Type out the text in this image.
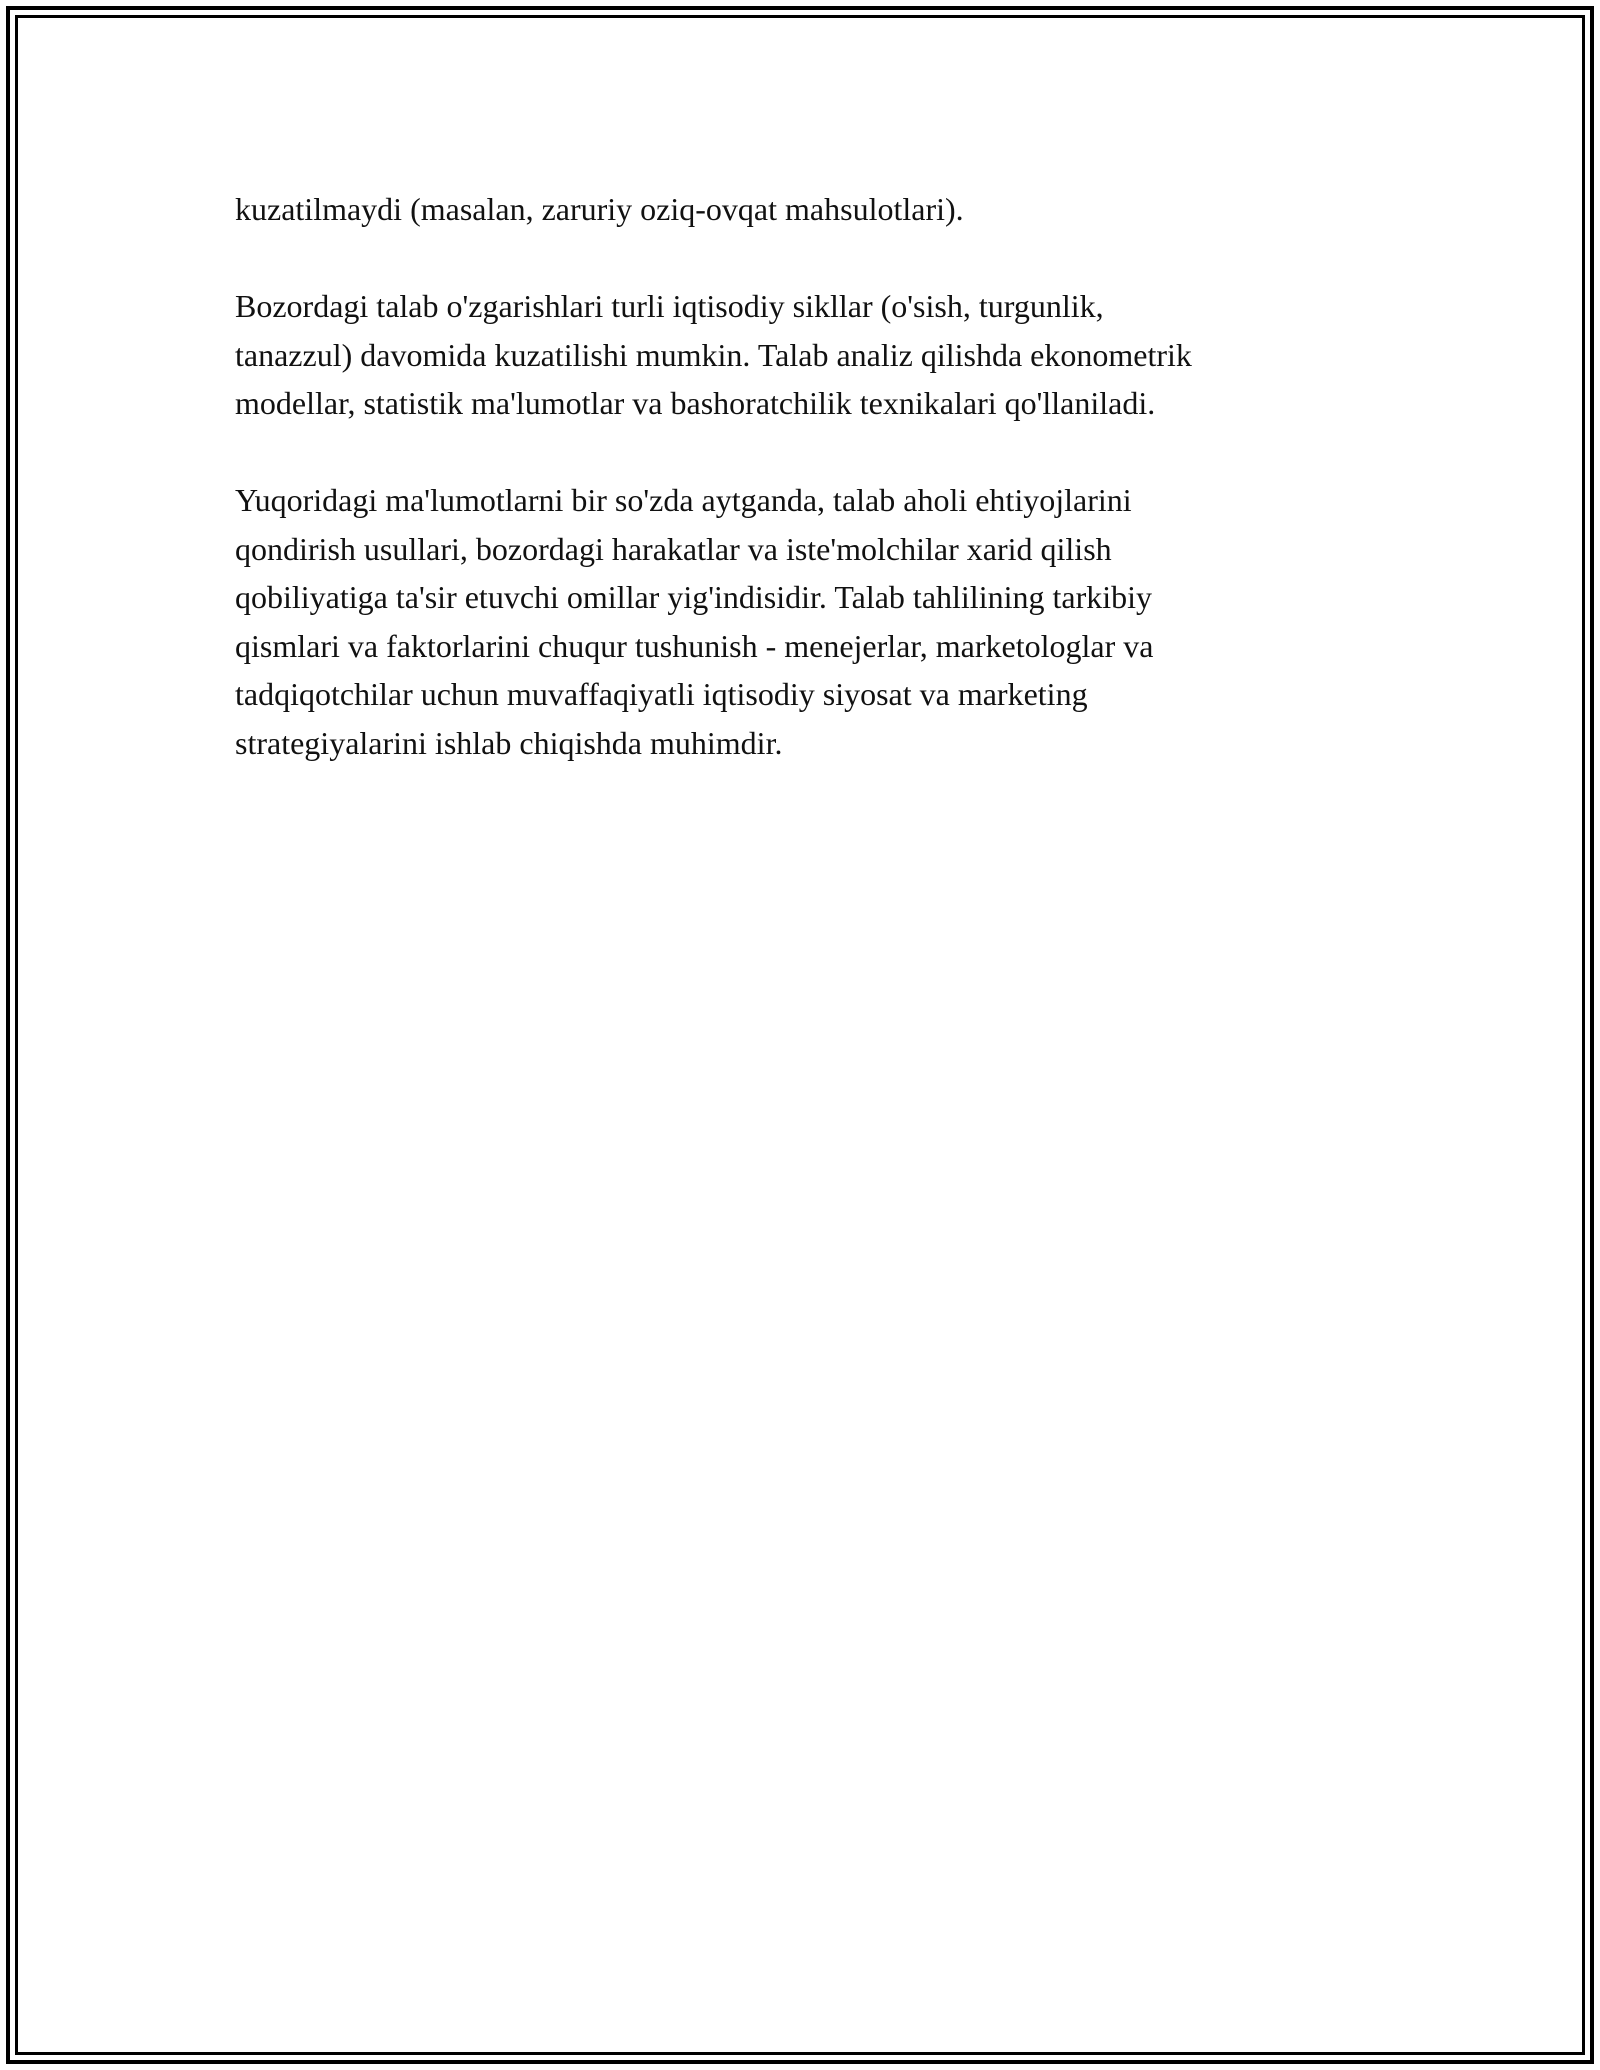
kuzatilmaydi (masalan, zaruriy oziq-ovqat mahsulotlari).

Bozordagi talab o'zgarishlari turli iqtisodiy sikllar (o'sish, turgunlik,
tanazzul) davomida kuzatilishi mumkin. Talab analiz qilishda ekonometrik
modellar, statistik ma'lumotlar va bashoratchilik texnikalari qo'llaniladi.

Yuqoridagi ma'lumotlarni bir so'zda aytganda, talab aholi ehtiyojlarini
qondirish usullari, bozordagi harakatlar va iste'molchilar xarid qilish
qobiliyatiga ta'sir etuvchi omillar yig'indisidir. Talab tahlilining tarkibiy
qismlari va faktorlarini chuqur tushunish - menejerlar, marketologlar va
tadqiqotchilar uchun muvaffaqiyatli iqtisodiy siyosat va marketing
strategiyalarini ishlab chiqishda muhimdir.
